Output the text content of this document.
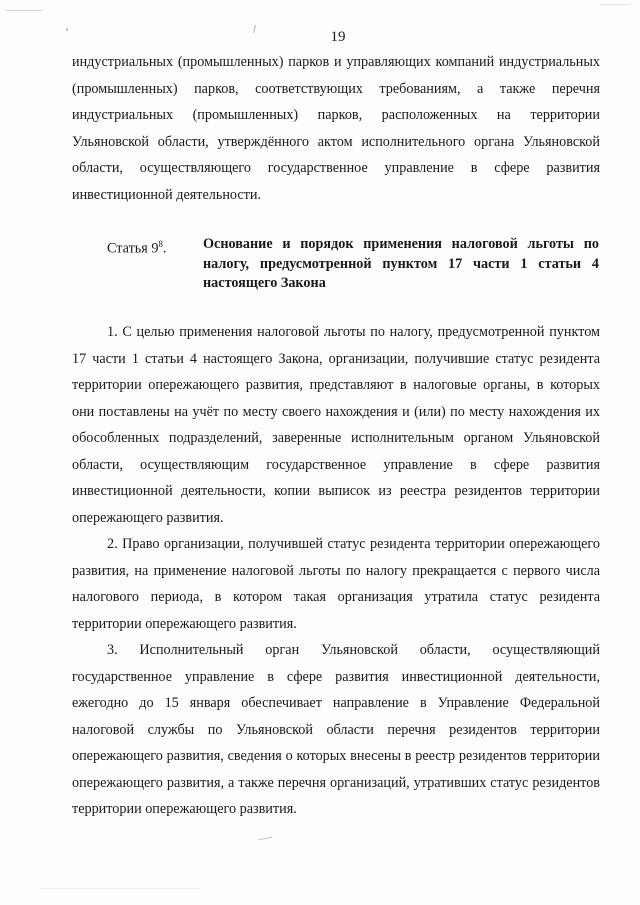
19

индустриальных (промышленных) парков и управляющих компаний индустриальных (промышленных) парков, соответствующих требованиям, а также перечня индустриальных (промышленных) парков, расположенных на территории Ульяновской области, утверждённого актом исполнительного органа Ульяновской области, осуществляющего государственное управление в сфере развития инвестиционной деятельности.

Статья $9^8$.	Основание и порядок применения налоговой льготы по налогу, предусмотренной пунктом 17 части 1 статьи 4 настоящего Закона

1. С целью применения налоговой льготы по налогу, предусмотренной пунктом 17 части 1 статьи 4 настоящего Закона, организации, получившие статус резидента территории опережающего развития, представляют в налоговые органы, в которых они поставлены на учёт по месту своего нахождения и (или) по месту нахождения их обособленных подразделений, заверенные исполнительным органом Ульяновской области, осуществляющим государственное управление в сфере развития инвестиционной деятельности, копии выписок из реестра резидентов территории опережающего развития.

2. Право организации, получившей статус резидента территории опережающего развития, на применение налоговой льготы по налогу прекращается с первого числа налогового периода, в котором такая организация утратила статус резидента территории опережающего развития.

3. Исполнительный орган Ульяновской области, осуществляющий государственное управление в сфере развития инвестиционной деятельности, ежегодно до 15 января обеспечивает направление в Управление Федеральной налоговой службы по Ульяновской области перечня резидентов территории опережающего развития, сведения о которых внесены в реестр резидентов территории опережающего развития, а также перечня организаций, утративших статус резидентов территории опережающего развития.
